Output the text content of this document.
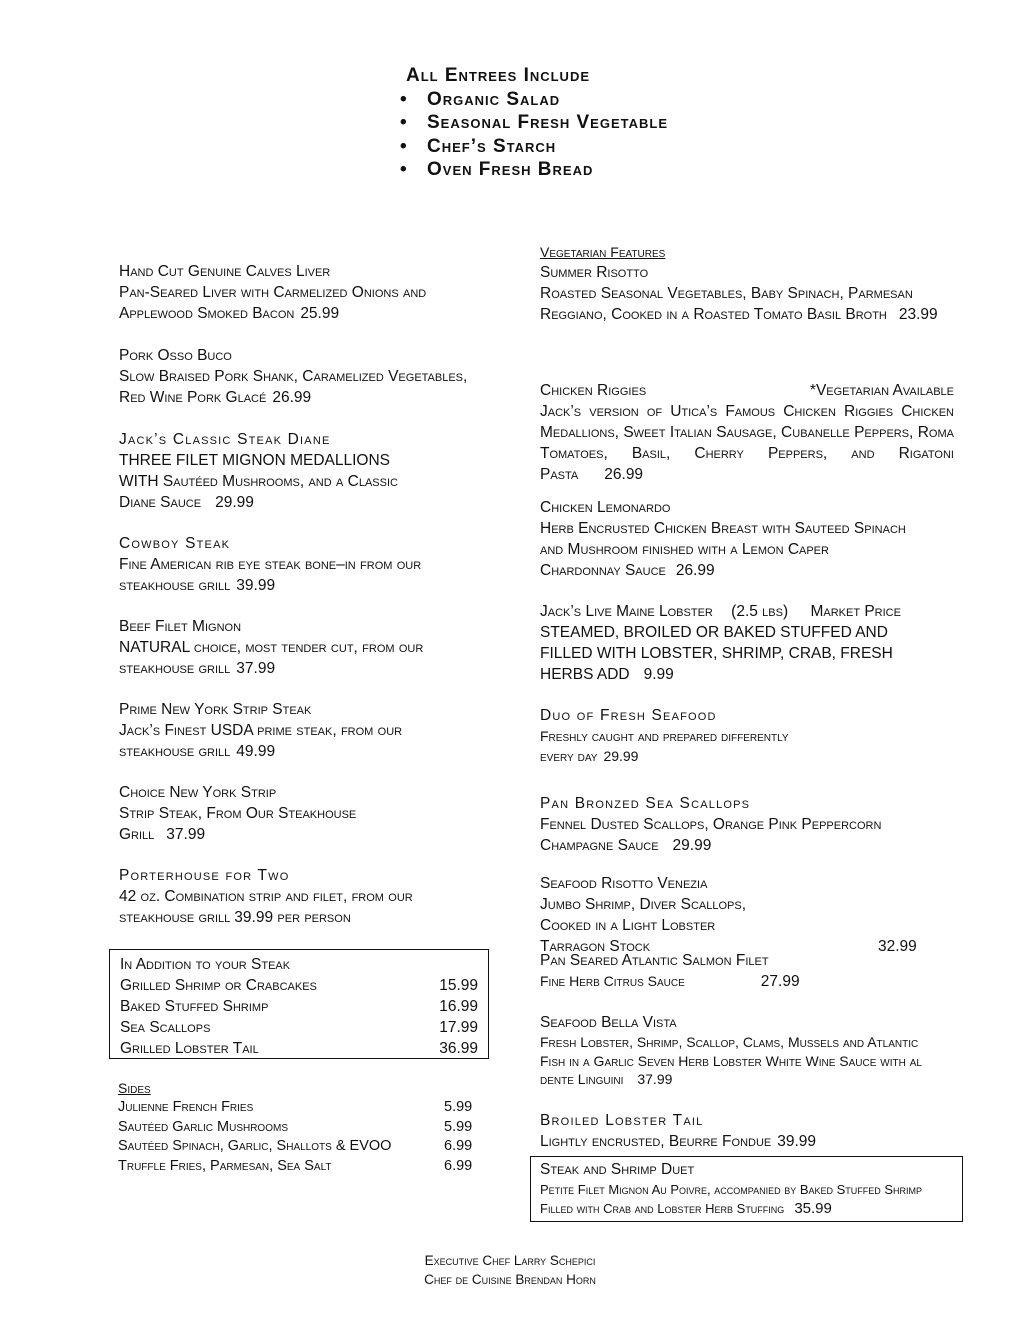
All Entrees Include
• Organic Salad
• Seasonal Fresh Vegetable
• Chef’s Starch
• Oven Fresh Bread
Hand Cut Genuine Calves Liver
Pan-Seared Liver with Carmelized Onions and Applewood Smoked Bacon 25.99
Pork Osso Buco
Slow Braised Pork Shank, Caramelized Vegetables, Red Wine Pork Glacé 26.99
Jack’s Classic Steak Diane
THREE FILET MIGNON MEDALLIONS WITH Sautéed Mushrooms, and a Classic Diane Sauce 29.99
Cowboy Steak
Fine American rib eye steak bone–in from our steakhouse grill 39.99
Beef Filet Mignon
NATURAL choice, most tender cut, from our steakhouse grill 37.99
Prime New York Strip Steak
Jack’s Finest USDA prime steak, from our steakhouse grill 49.99
Choice New York Strip
Strip Steak, From Our Steakhouse Grill 37.99
Porterhouse for Two
42 oz. Combination strip and filet, from our steakhouse grill 39.99 per person
In Addition to your Steak
Grilled Shrimp or Crabcakes	15.99
Baked Stuffed Shrimp	16.99
Sea Scallops	17.99
Grilled Lobster Tail	36.99
Sides
Julienne French Fries	5.99
Sautéed Garlic Mushrooms	5.99
Sautéed Spinach, Garlic, Shallots & EVOO	6.99
Truffle Fries, Parmesan, Sea Salt	6.99
Vegetarian Features
Summer Risotto
Roasted Seasonal Vegetables, Baby Spinach, Parmesan Reggiano, Cooked in a Roasted Tomato Basil Broth 23.99
Chicken Riggies	*Vegetarian Available
Jack’s version of Utica’s Famous Chicken Riggies Chicken Medallions, Sweet Italian Sausage, Cubanelle Peppers, Roma Tomatoes, Basil, Cherry Peppers, and Rigatoni Pasta 26.99
Chicken Lemonardo
Herb Encrusted Chicken Breast with Sauteed Spinach and Mushroom finished with a Lemon Caper Chardonnay Sauce 26.99
Jack’s Live Maine Lobster (2.5 lbs) Market Price
STEAMED, BROILED OR BAKED STUFFED AND FILLED WITH LOBSTER, SHRIMP, CRAB, FRESH HERBS ADD 9.99
Duo of Fresh Seafood
Freshly caught and prepared differently every day 29.99
Pan Bronzed Sea Scallops
Fennel Dusted Scallops, Orange Pink Peppercorn Champagne Sauce 29.99
Seafood Risotto Venezia
Jumbo Shrimp, Diver Scallops, Cooked in a Light Lobster Tarragon Stock	32.99
Pan Seared Atlantic Salmon Filet
Fine Herb Citrus Sauce	27.99
Seafood Bella Vista
Fresh Lobster, Shrimp, Scallop, Clams, Mussels and Atlantic Fish in a Garlic Seven Herb Lobster White Wine Sauce with al dente Linguini 37.99
Broiled Lobster Tail
Lightly encrusted, Beurre Fondue 39.99
Steak and Shrimp Duet
Petite Filet Mignon Au Poivre, accompanied by Baked Stuffed Shrimp Filled with Crab and Lobster Herb Stuffing 35.99
Executive Chef Larry Schepici
Chef de Cuisine Brendan Horn
